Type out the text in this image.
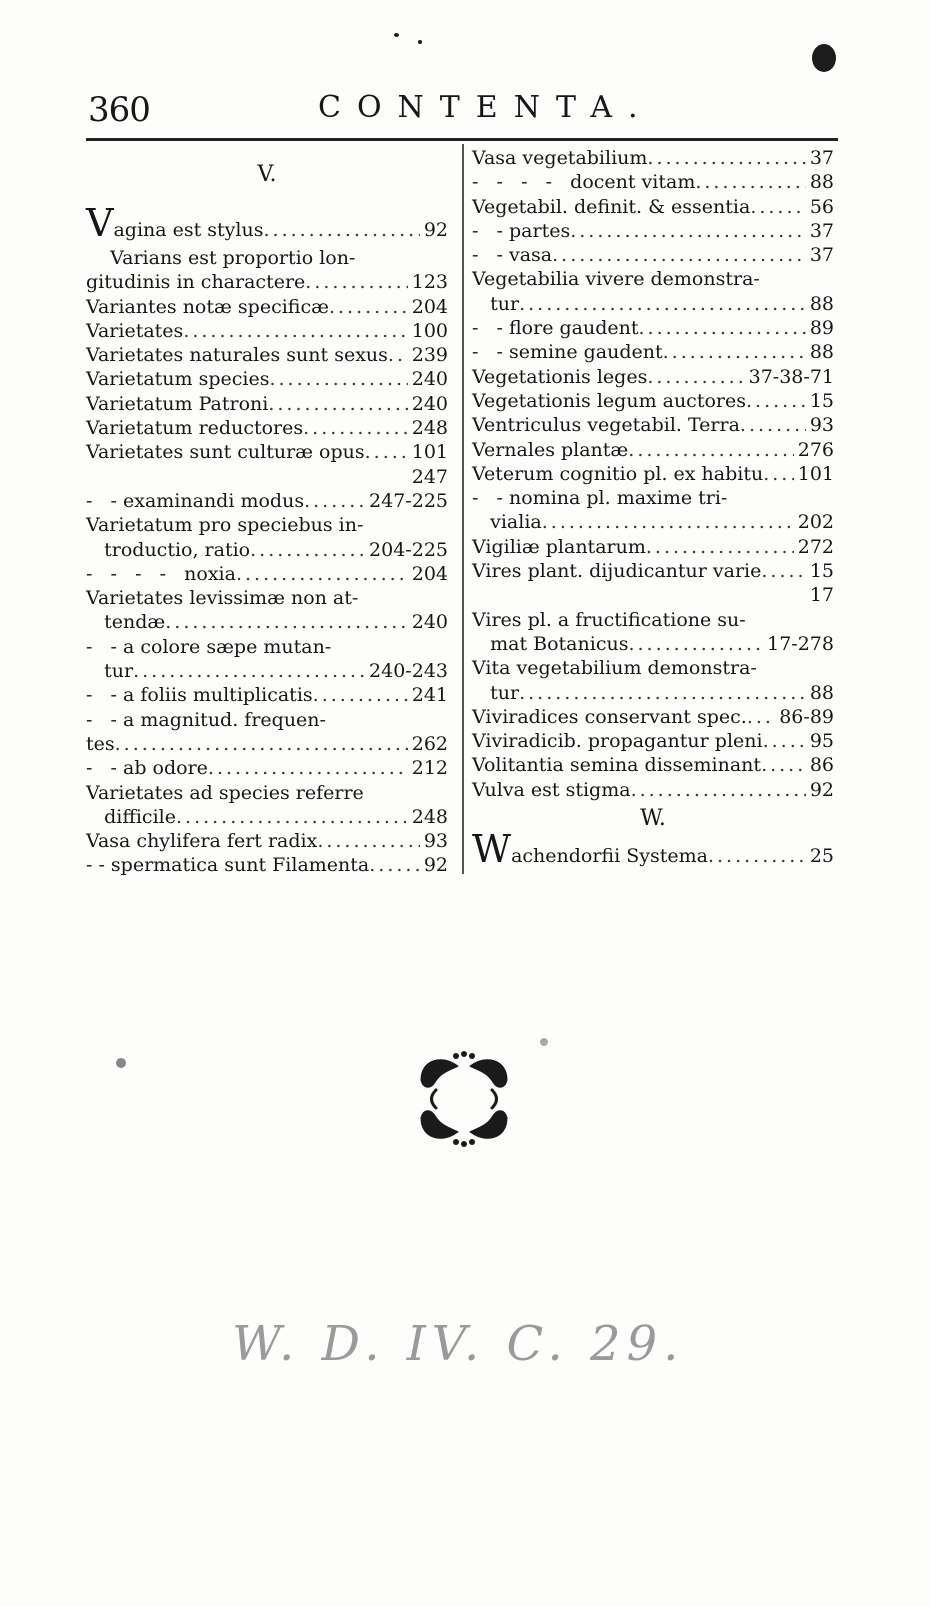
360	CONTENTA.
V.
Vagina est stylus .....	92
Varians est proportio lon-
gitudinis in charactere .....	123
Variantes notæ specificæ .....	204
Varietates .....	100
Varietates naturales sunt sexus ..... 239
Varietatum species .....	240
Varietatum Patroni .....	240
Varietatum reductores .....	248
Varietates sunt culturæ opus ..... 101
247
-   - examinandi modus .....	247-225
Varietatum pro speciebus in-
troductio, ratio .....	204-225
-   -   -   -   noxia .....	204
Varietates levissimæ non at-
tendæ .....	240
-   - a colore sæpe mutan-
tur .....	240-243
-   - a foliis multiplicatis .....	241
-   - a magnitud. frequen-
tes .....	262
-   - ab odore .....	212
Varietates ad species referre
difficile .....	248
Vasa chylifera fert radix .....	93
- - spermatica sunt Filamenta .....	92
Vasa vegetabilium .....	37
-   -   -   -   docent vitam .....	88
Vegetabil. definit. & essentia .....	56
-   - partes .....	37
-   - vasa .....	37
Vegetabilia vivere demonstra-
tur .....	88
-   - flore gaudent .....	89
-   - semine gaudent .....	88
Vegetationis leges .....	37-38-71
Vegetationis legum auctores .....	15
Ventriculus vegetabil. Terra .....	93
Vernales plantæ .....	276
Veterum cognitio pl. ex habitu ..... 101
-   - nomina pl. maxime tri-
vialia .....	202
Vigiliæ plantarum .....	272
Vires plant. dijudicantur varie .....	15
17
Vires pl. a fructificatione su-
mat Botanicus .....	17-278
Vita vegetabilium demonstra-
tur .....	88
Viviradices conservant spec. ..... 86-89
Viviradicib. propagantur pleni ..... 95
Volitantia semina disseminant .....	86
Vulva est stigma .....	92
W.
Wachendorfii Systema .....	25
W. D. IV. C. 29.
